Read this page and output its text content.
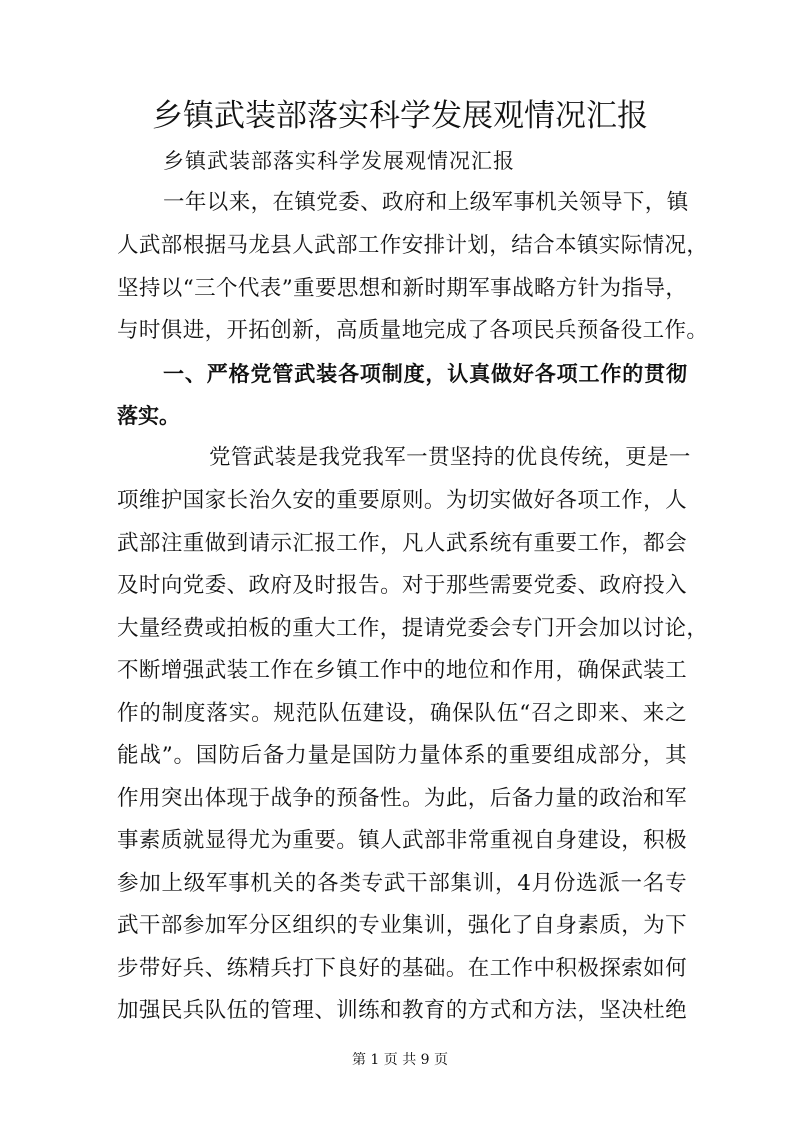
乡镇武装部落实科学发展观情况汇报
乡镇武装部落实科学发展观情况汇报
一年以来，在镇党委、政府和上级军事机关领导下，镇
人武部根据马龙县人武部工作安排计划，结合本镇实际情况，
坚持以“三个代表”重要思想和新时期军事战略方针为指导，
与时俱进，开拓创新，高质量地完成了各项民兵预备役工作。
一、严格党管武装各项制度，认真做好各项工作的贯彻
落实。
党管武装是我党我军一贯坚持的优良传统，更是一
项维护国家长治久安的重要原则。为切实做好各项工作，人
武部注重做到请示汇报工作，凡人武系统有重要工作，都会
及时向党委、政府及时报告。对于那些需要党委、政府投入
大量经费或拍板的重大工作，提请党委会专门开会加以讨论，
不断增强武装工作在乡镇工作中的地位和作用，确保武装工
作的制度落实。规范队伍建设，确保队伍“召之即来、来之
能战”。国防后备力量是国防力量体系的重要组成部分，其
作用突出体现于战争的预备性。为此，后备力量的政治和军
事素质就显得尤为重要。镇人武部非常重视自身建设，积极
参加上级军事机关的各类专武干部集训，4月份选派一名专
武干部参加军分区组织的专业集训，强化了自身素质，为下
步带好兵、练精兵打下良好的基础。在工作中积极探索如何
加强民兵队伍的管理、训练和教育的方式和方法，坚决杜绝
第 1 页 共 9 页
